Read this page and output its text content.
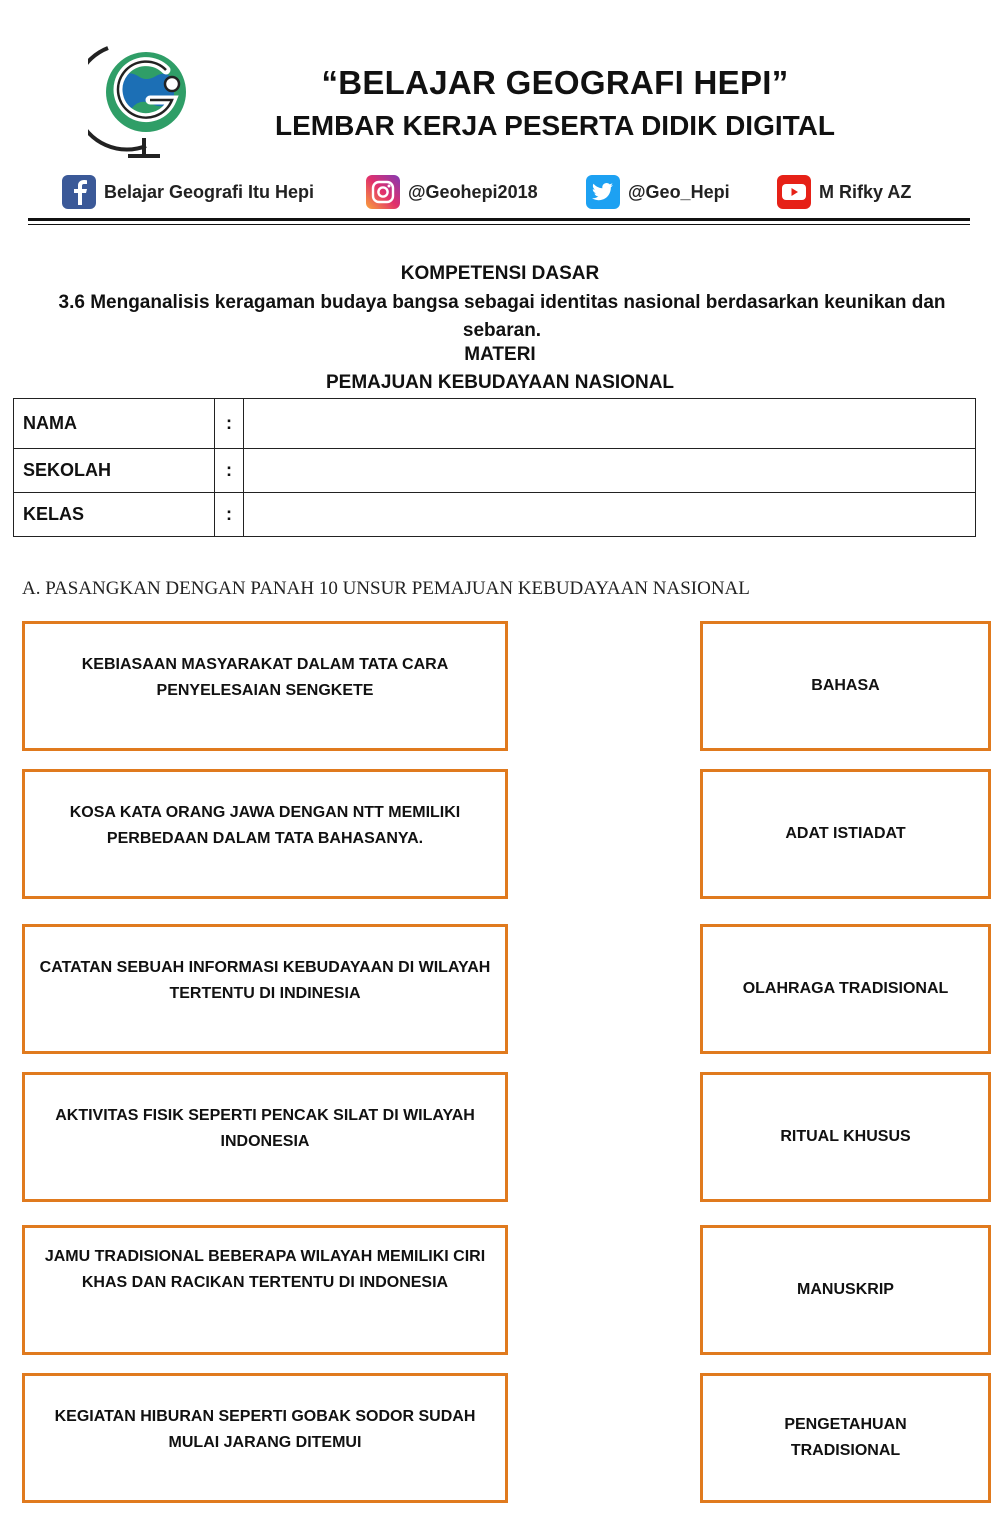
“BELAJAR GEOGRAFI HEPI”
LEMBAR KERJA PESERTA DIDIK DIGITAL
Belajar Geografi Itu Hepi	@Geohepi2018	@Geo_Hepi	M Rifky AZ
KOMPETENSI DASAR
3.6 Menganalisis keragaman budaya bangsa sebagai identitas nasional berdasarkan keunikan dan sebaran.
MATERI
PEMAJUAN KEBUDAYAAN NASIONAL
NAMA	:	
SEKOLAH	:	
KELAS	:	
A. PASANGKAN DENGAN PANAH 10 UNSUR PEMAJUAN KEBUDAYAAN NASIONAL
KEBIASAAN MASYARAKAT DALAM TATA CARA PENYELESAIAN SENGKETE
KOSA KATA ORANG JAWA DENGAN NTT MEMILIKI PERBEDAAN DALAM TATA BAHASANYA.
CATATAN SEBUAH INFORMASI KEBUDAYAAN DI WILAYAH TERTENTU DI INDINESIA
AKTIVITAS FISIK SEPERTI PENCAK SILAT DI WILAYAH INDONESIA
JAMU TRADISIONAL BEBERAPA WILAYAH MEMILIKI CIRI KHAS DAN RACIKAN TERTENTU DI INDONESIA
KEGIATAN HIBURAN SEPERTI GOBAK SODOR SUDAH MULAI JARANG DITEMUI
BAHASA
ADAT ISTIADAT
OLAHRAGA TRADISIONAL
RITUAL KHUSUS
MANUSKRIP
PENGETAHUAN TRADISIONAL
